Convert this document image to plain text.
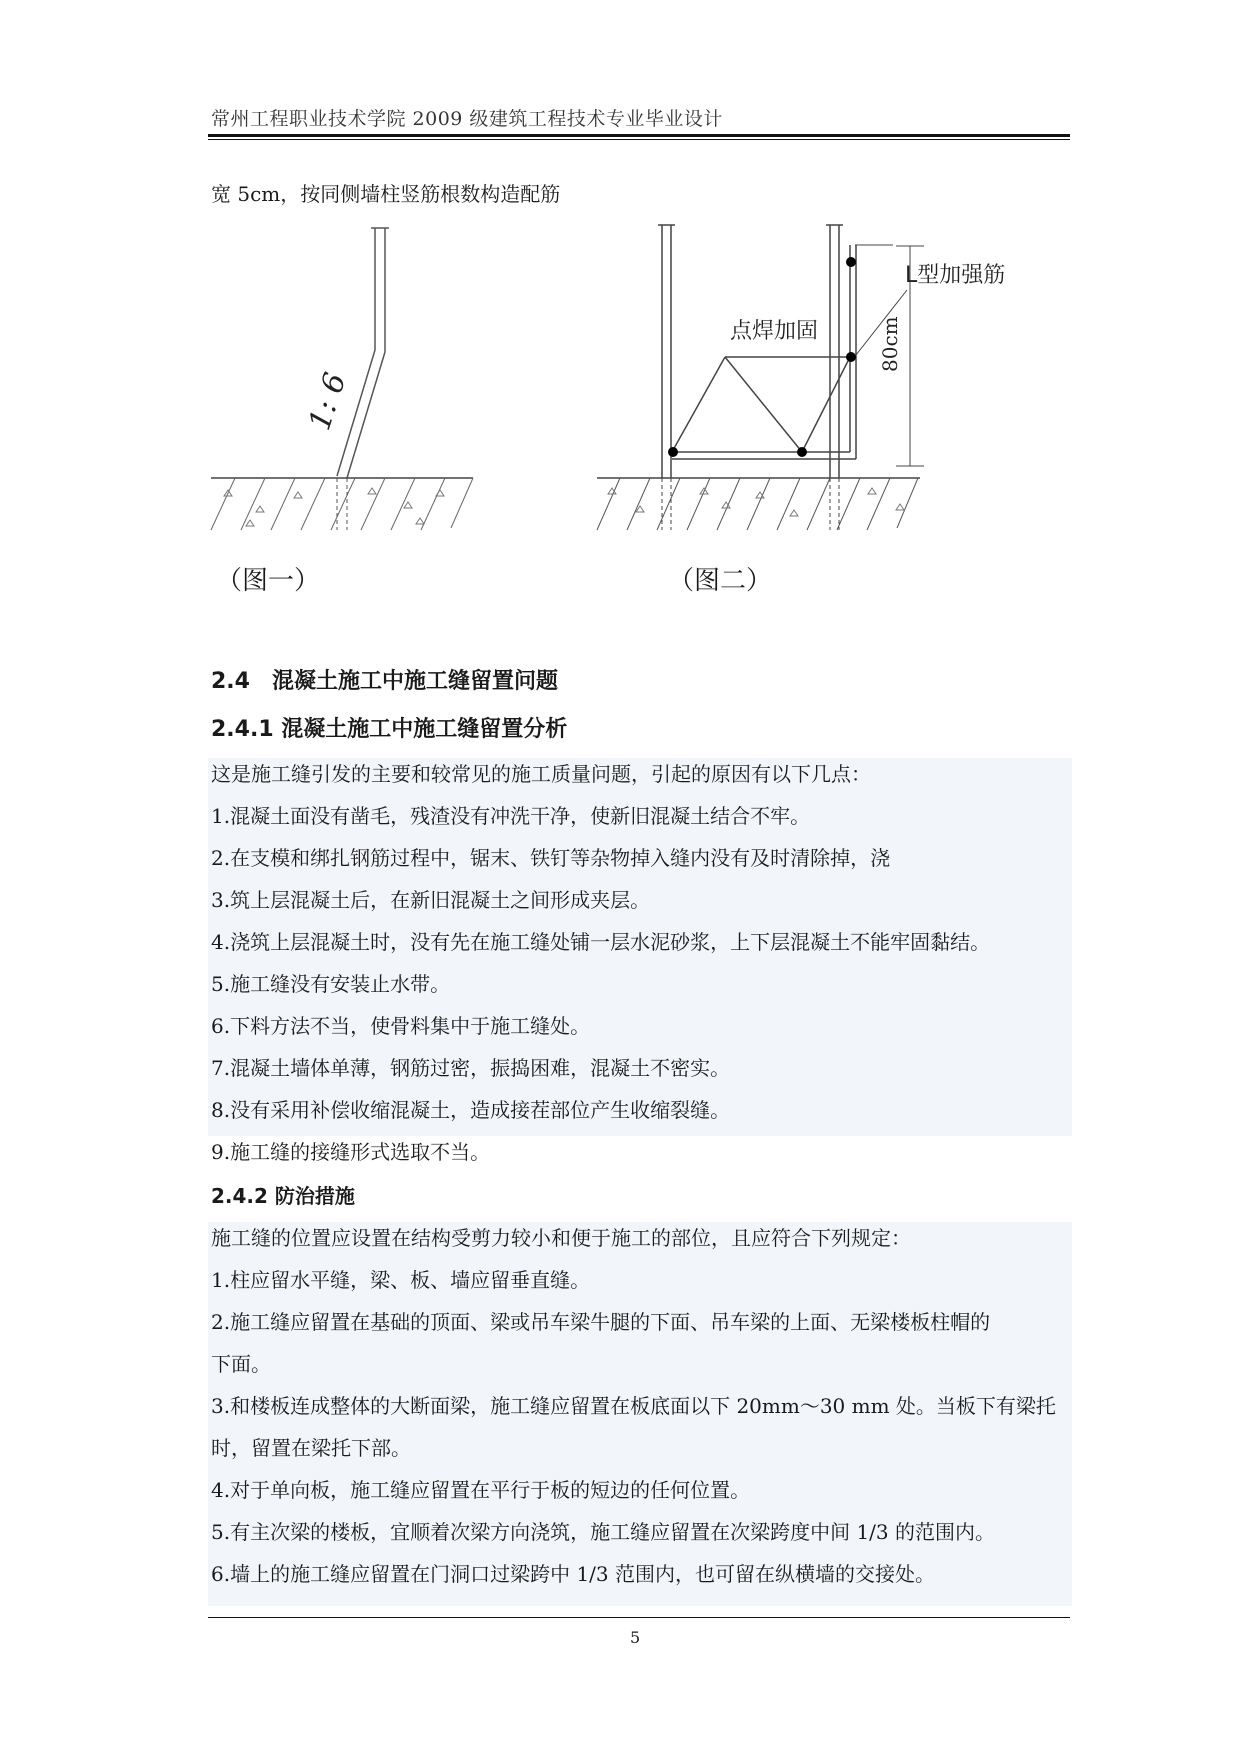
常州工程职业技术学院 2009 级建筑工程技术专业毕业设计
宽 5cm，按同侧墙柱竖筋根数构造配筋
1: 6
L型加强筋
点焊加固	80cm
（图一）	（图二）
2.4　混凝土施工中施工缝留置问题
2.4.1 混凝土施工中施工缝留置分析
这是施工缝引发的主要和较常见的施工质量问题，引起的原因有以下几点：
1.混凝土面没有凿毛，残渣没有冲洗干净，使新旧混凝土结合不牢。
2.在支模和绑扎钢筋过程中，锯末、铁钉等杂物掉入缝内没有及时清除掉，浇
3.筑上层混凝土后，在新旧混凝土之间形成夹层。
4.浇筑上层混凝土时，没有先在施工缝处铺一层水泥砂浆，上下层混凝土不能牢固黏结。
5.施工缝没有安装止水带。
6.下料方法不当，使骨料集中于施工缝处。
7.混凝土墙体单薄，钢筋过密，振捣困难，混凝土不密实。
8.没有采用补偿收缩混凝土，造成接茬部位产生收缩裂缝。
9.施工缝的接缝形式选取不当。
2.4.2 防治措施
施工缝的位置应设置在结构受剪力较小和便于施工的部位，且应符合下列规定：
1.柱应留水平缝，梁、板、墙应留垂直缝。
2.施工缝应留置在基础的顶面、梁或吊车梁牛腿的下面、吊车梁的上面、无梁楼板柱帽的
下面。
3.和楼板连成整体的大断面梁，施工缝应留置在板底面以下 20mm～30 mm 处。当板下有梁托
时，留置在梁托下部。
4.对于单向板，施工缝应留置在平行于板的短边的任何位置。
5.有主次梁的楼板，宜顺着次梁方向浇筑，施工缝应留置在次梁跨度中间 1/3 的范围内。
6.墙上的施工缝应留置在门洞口过梁跨中 1/3 范围内，也可留在纵横墙的交接处。
5
